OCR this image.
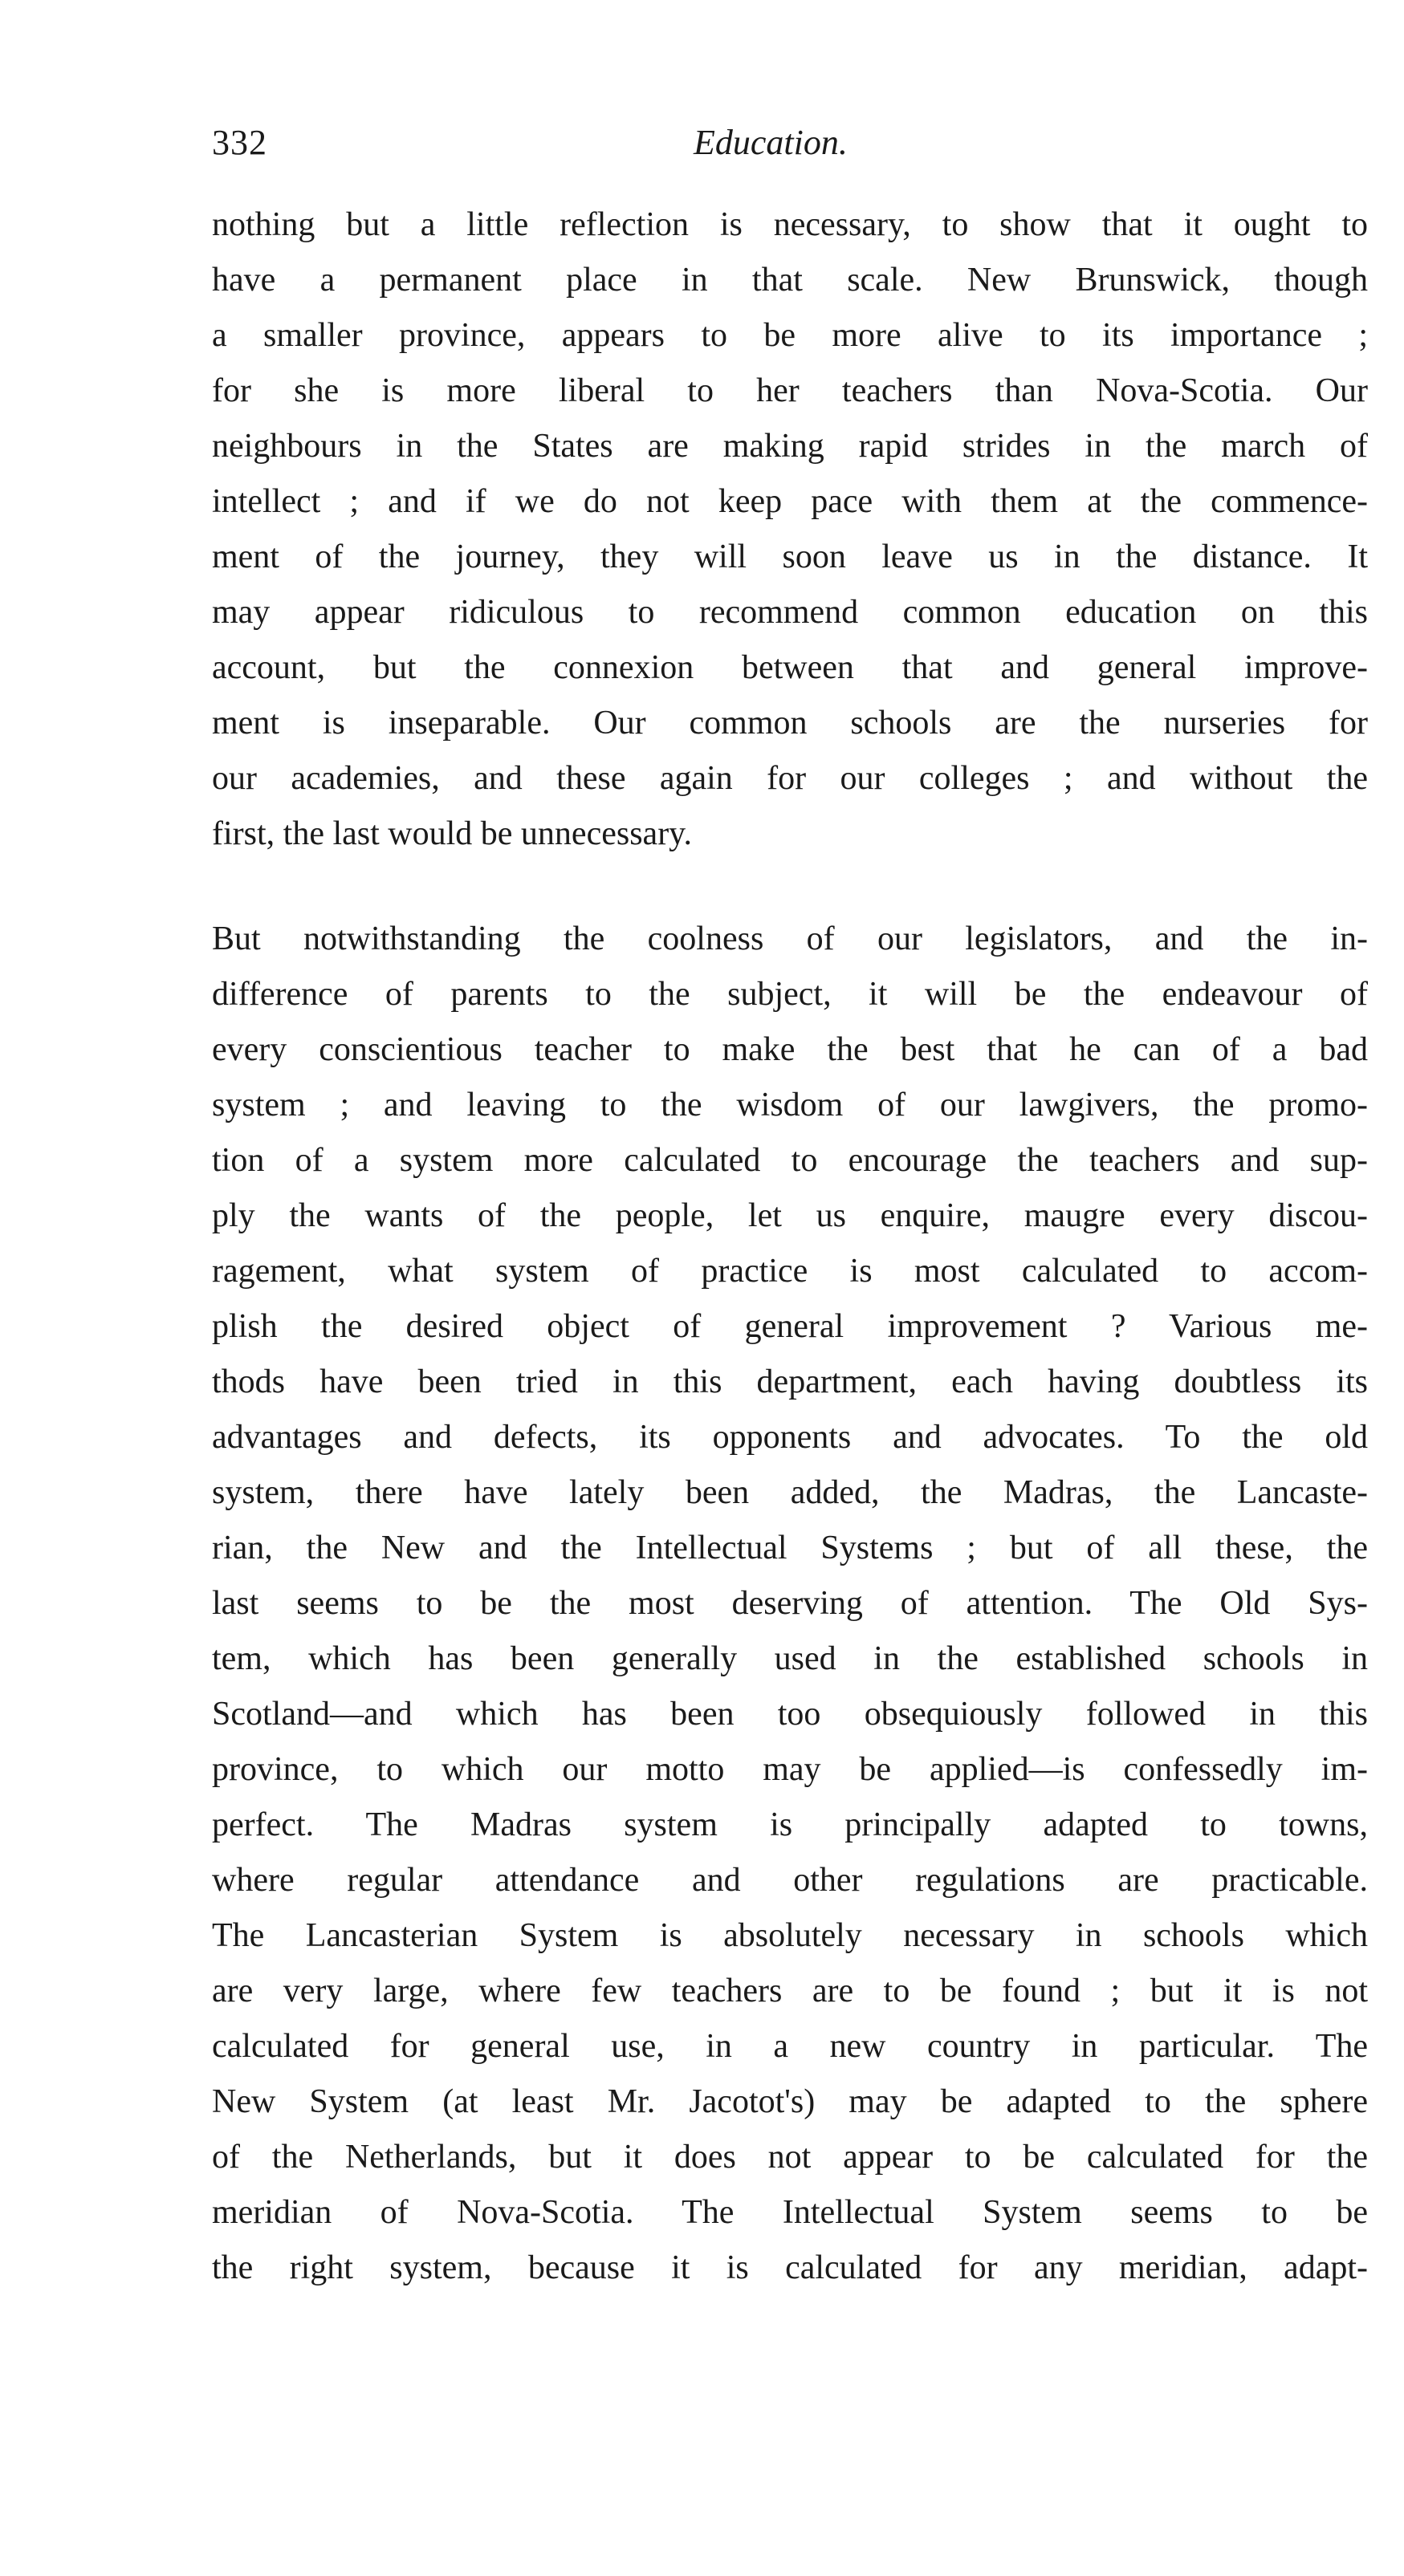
332	Education.
nothing but a little reflection is necessary, to show that it ought to
have a permanent place in that scale. New Brunswick, though
a smaller province, appears to be more alive to its importance ;
for she is more liberal to her teachers than Nova-Scotia. Our
neighbours in the States are making rapid strides in the march of
intellect ; and if we do not keep pace with them at the commence-
ment of the journey, they will soon leave us in the distance. It
may appear ridiculous to recommend common education on this
account, but the connexion between that and general improve-
ment is inseparable. Our common schools are the nurseries for
our academies, and these again for our colleges ; and without the
first, the last would be unnecessary.
But notwithstanding the coolness of our legislators, and the in-
difference of parents to the subject, it will be the endeavour of
every conscientious teacher to make the best that he can of a bad
system ; and leaving to the wisdom of our lawgivers, the promo-
tion of a system more calculated to encourage the teachers and sup-
ply the wants of the people, let us enquire, maugre every discou-
ragement, what system of practice is most calculated to accom-
plish the desired object of general improvement ? Various me-
thods have been tried in this department, each having doubtless its
advantages and defects, its opponents and advocates. To the old
system, there have lately been added, the Madras, the Lancaste-
rian, the New and the Intellectual Systems ; but of all these, the
last seems to be the most deserving of attention. The Old Sys-
tem, which has been generally used in the established schools in
Scotland—and which has been too obsequiously followed in this
province, to which our motto may be applied—is confessedly im-
perfect. The Madras system is principally adapted to towns,
where regular attendance and other regulations are practicable.
The Lancasterian System is absolutely necessary in schools which
are very large, where few teachers are to be found ; but it is not
calculated for general use, in a new country in particular. The
New System (at least Mr. Jacotot's) may be adapted to the sphere
of the Netherlands, but it does not appear to be calculated for the
meridian of Nova-Scotia. The Intellectual System seems to be
the right system, because it is calculated for any meridian, adapt-
